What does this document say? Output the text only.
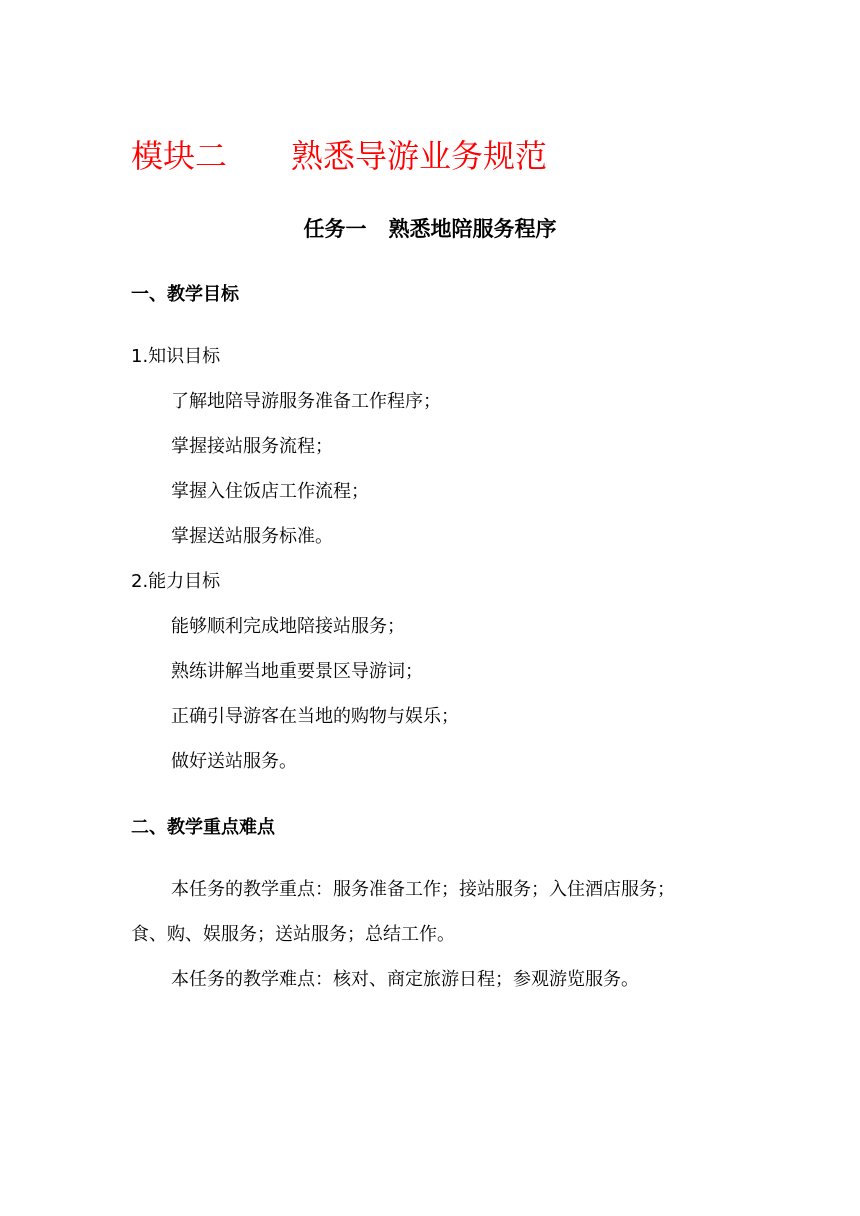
模块二 熟悉导游业务规范
任务一 熟悉地陪服务程序
一、教学目标
1.知识目标
了解地陪导游服务准备工作程序；
掌握接站服务流程；
掌握入住饭店工作流程；
掌握送站服务标准。
2.能力目标
能够顺利完成地陪接站服务；
熟练讲解当地重要景区导游词；
正确引导游客在当地的购物与娱乐；
做好送站服务。
二、教学重点难点
本任务的教学重点：服务准备工作；接站服务；入住酒店服务；
食、购、娱服务；送站服务；总结工作。
本任务的教学难点：核对、商定旅游日程；参观游览服务。
